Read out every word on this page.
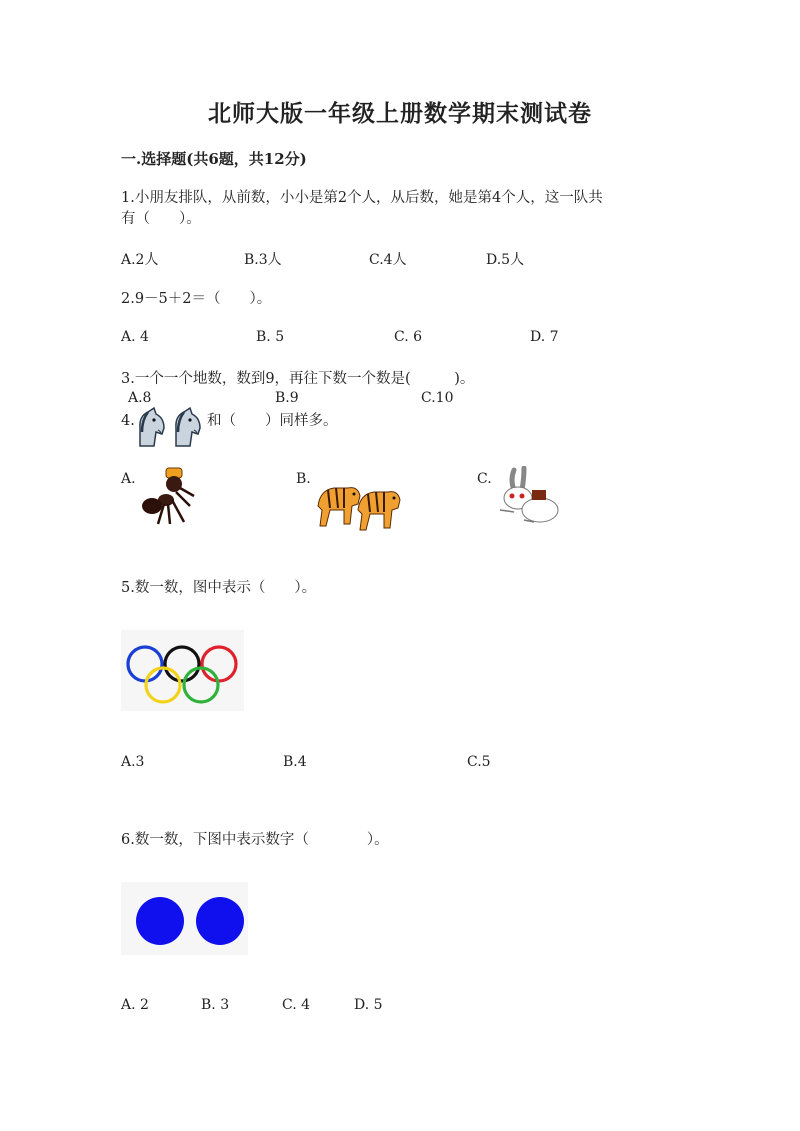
北师大版一年级上册数学期末测试卷
一.选择题(共6题，共12分)
1.小朋友排队，从前数，小小是第2个人，从后数，她是第4个人，这一队共
有（　　）。
A.2人	B.3人	C.4人	D.5人
2.9－5＋2＝（　　）。
A. 4	B. 5	C. 6	D. 7
3.一个一个地数，数到9，再往下数一个数是(　　　)。
A.8	B.9	C.10
4.	和（　　）同样多。
A.	B.	C.
5.数一数，图中表示（　　）。
A.3	B.4	C.5
6.数一数，下图中表示数字（　　　　）。
A. 2	B. 3	C. 4	D. 5
